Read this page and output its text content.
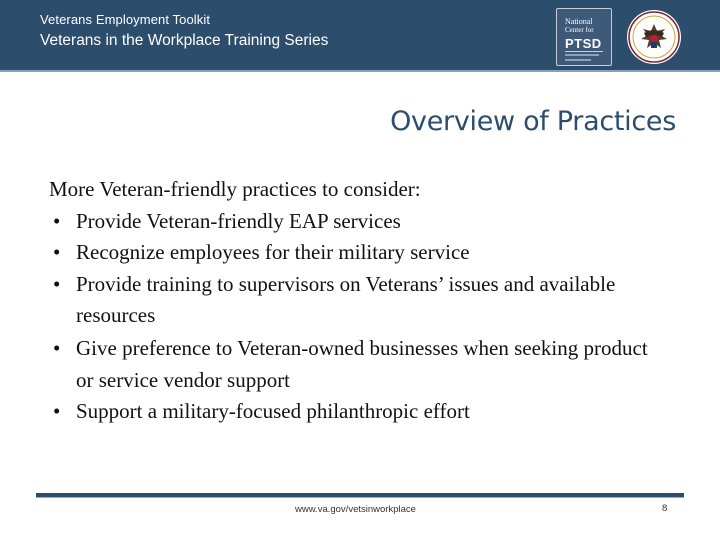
Veterans Employment Toolkit
Veterans in the Workplace Training Series
National
Center for
PTSD
Overview of Practices

More Veteran-friendly practices to consider:

• Provide Veteran-friendly EAP services
• Recognize employees for their military service
• Provide training to supervisors on Veterans’ issues and available resources
• Give preference to Veteran-owned businesses when seeking product or service vendor support
• Support a military-focused philanthropic effort
www.va.gov/vetsinworkplace	8
